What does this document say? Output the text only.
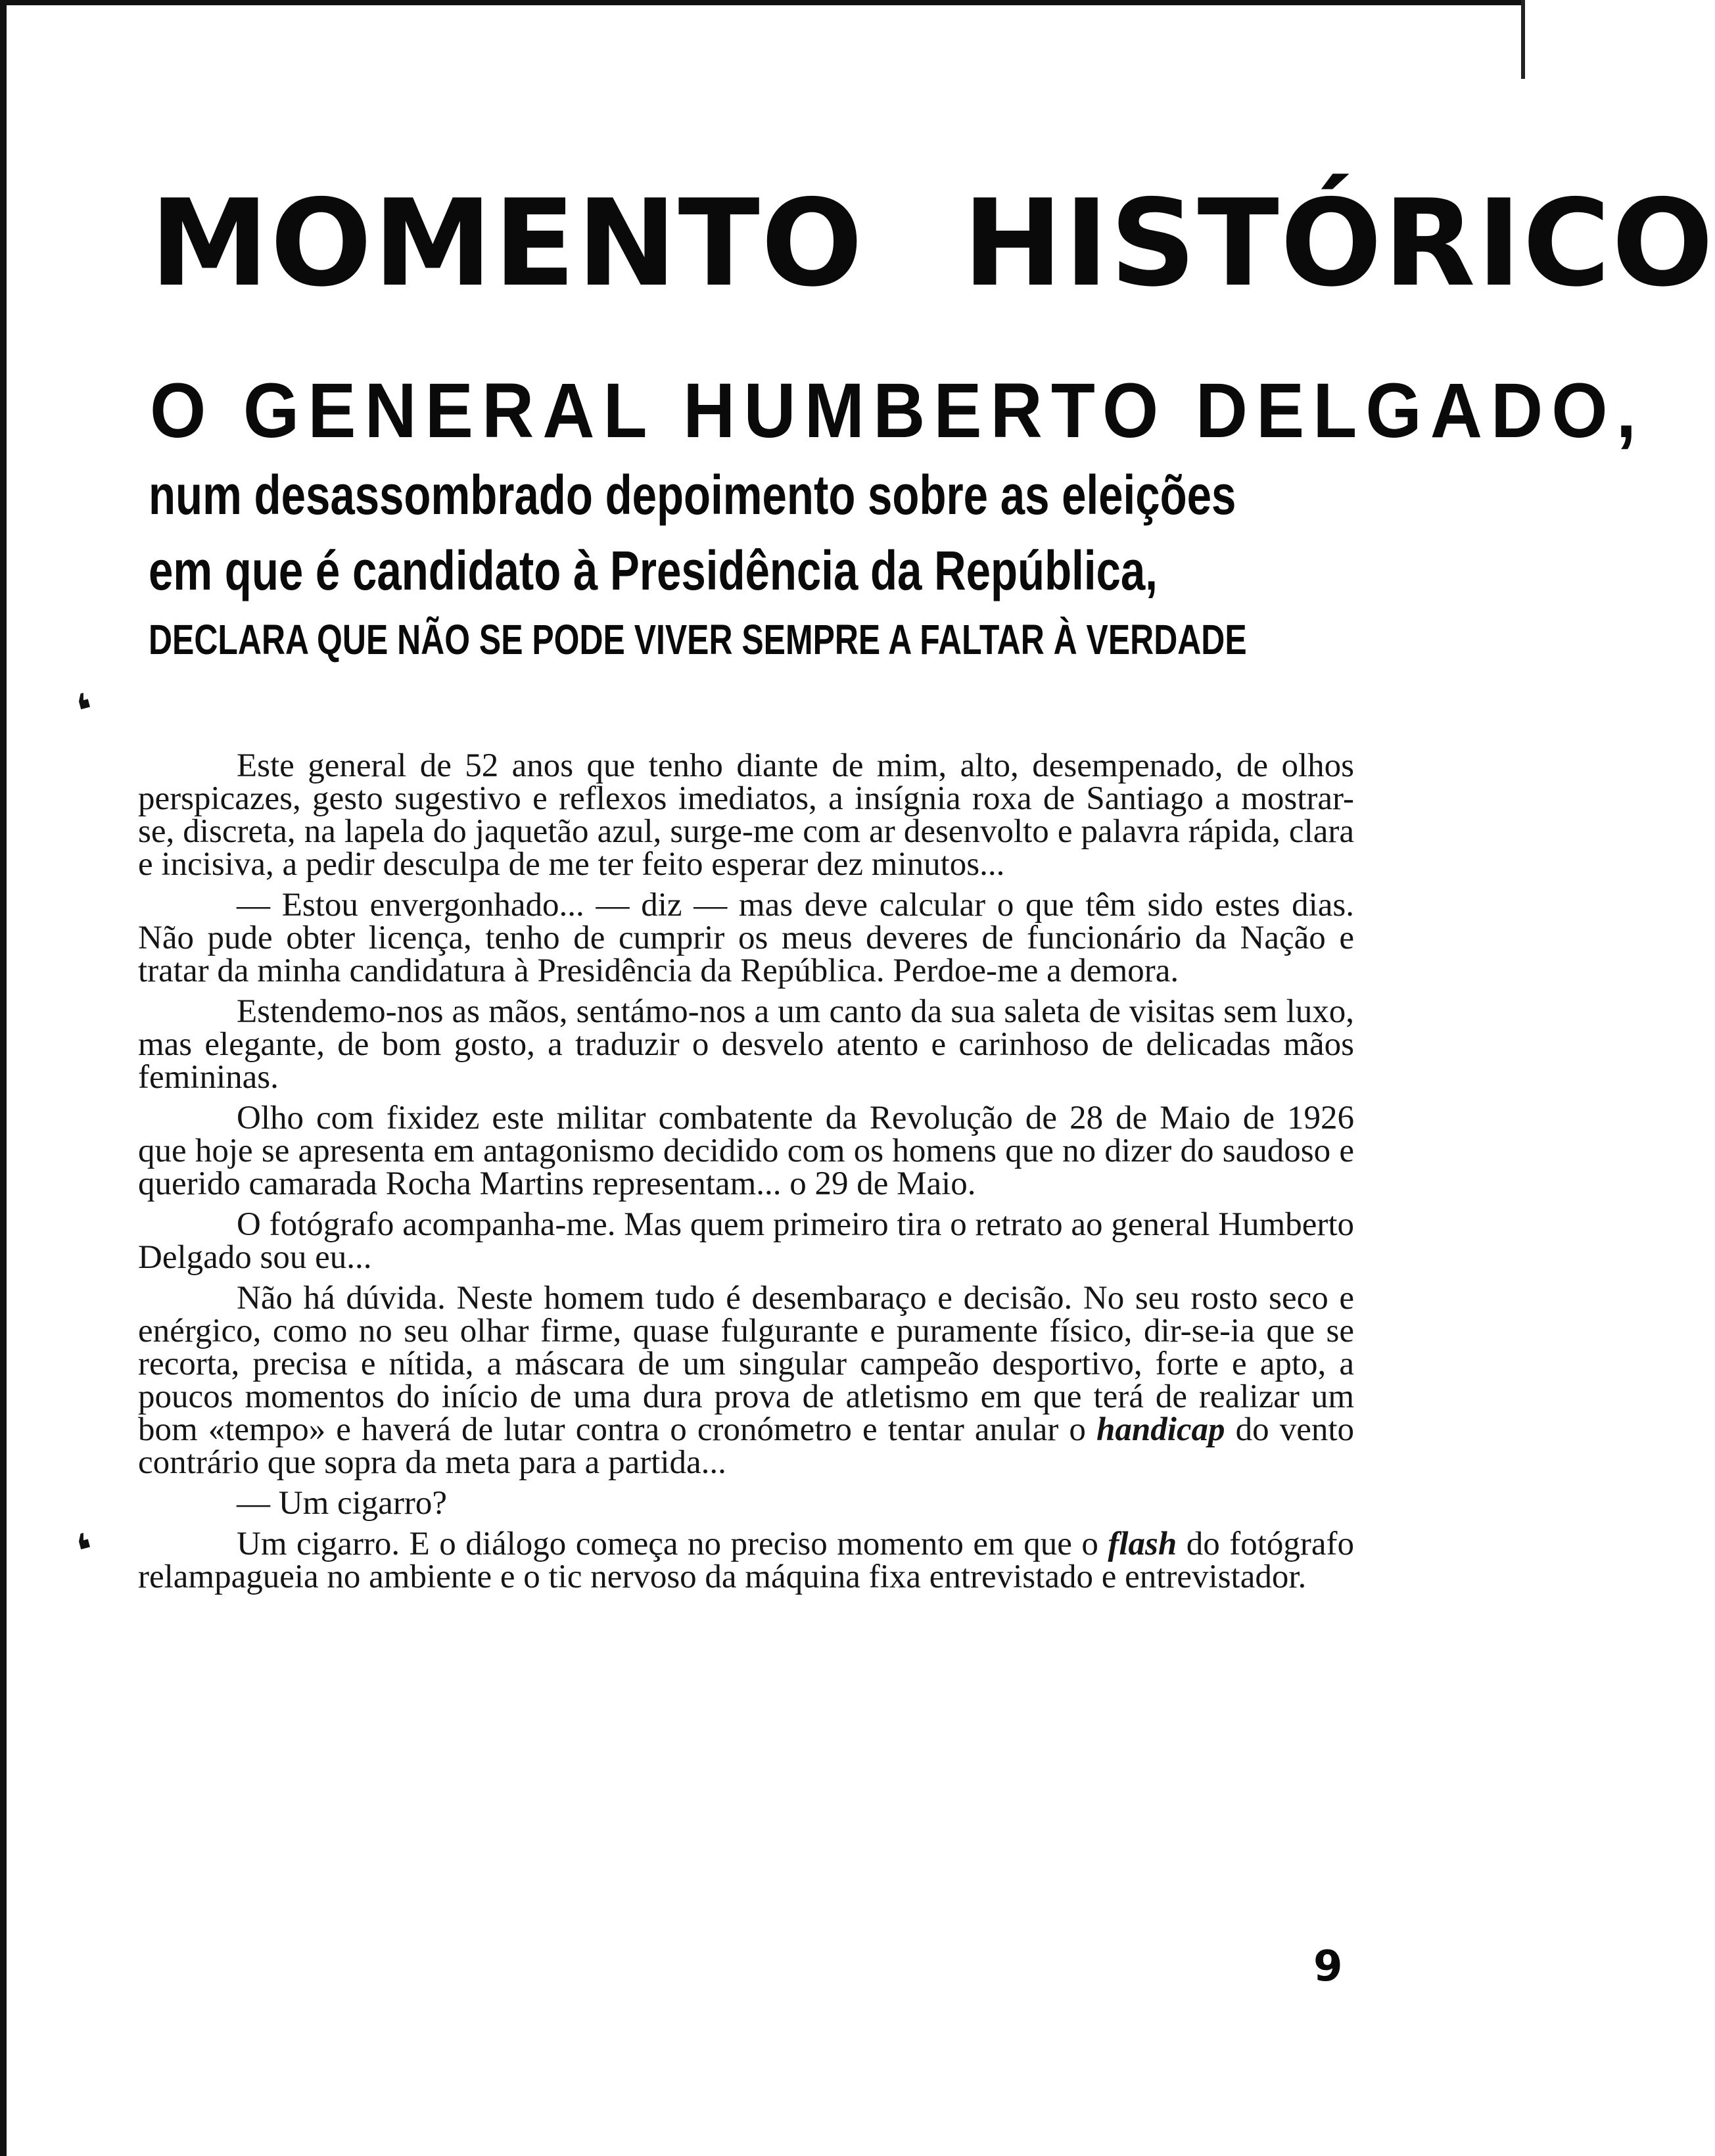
MOMENTO HISTÓRICO
O GENERAL HUMBERTO DELGADO,
num desassombrado depoimento sobre as eleições
em que é candidato à Presidência da República,
DECLARA QUE NÃO SE PODE VIVER SEMPRE A FALTAR À VERDADE
❛
❛

Este general de 52 anos que tenho diante de mim, alto, desempenado, de olhos perspicazes, gesto sugestivo e reflexos imediatos, a insígnia roxa de Santiago a mostrar-se, discreta, na lapela do jaquetão azul, surge-me com ar desenvolto e palavra rápida, clara e incisiva, a pedir desculpa de me ter feito esperar dez minutos...

— Estou envergonhado... — diz — mas deve calcular o que têm sido estes dias. Não pude obter licença, tenho de cumprir os meus deveres de funcionário da Nação e tratar da minha candidatura à Presidência da República. Perdoe-me a demora.

Estendemo-nos as mãos, sentámo-nos a um canto da sua saleta de visitas sem luxo, mas elegante, de bom gosto, a traduzir o desvelo atento e carinhoso de delicadas mãos femininas.

Olho com fixidez este militar combatente da Revolução de 28 de Maio de 1926 que hoje se apresenta em antagonismo decidido com os homens que no dizer do saudoso e querido camarada Rocha Martins representam... o 29 de Maio.

O fotógrafo acompanha-me. Mas quem primeiro tira o retrato ao general Humberto Delgado sou eu...

Não há dúvida. Neste homem tudo é desembaraço e decisão. No seu rosto seco e enérgico, como no seu olhar firme, quase fulgurante e puramente físico, dir-se-ia que se recorta, precisa e nítida, a máscara de um singular campeão desportivo, forte e apto, a poucos momentos do início de uma dura prova de atletismo em que terá de realizar um bom «tempo» e haverá de lutar contra o cronómetro e tentar anular o handicap do vento contrário que sopra da meta para a partida...

— Um cigarro?

Um cigarro. E o diálogo começa no preciso momento em que o flash do fotógrafo relampagueia no ambiente e o tic nervoso da máquina fixa entrevistado e entrevistador.

9
